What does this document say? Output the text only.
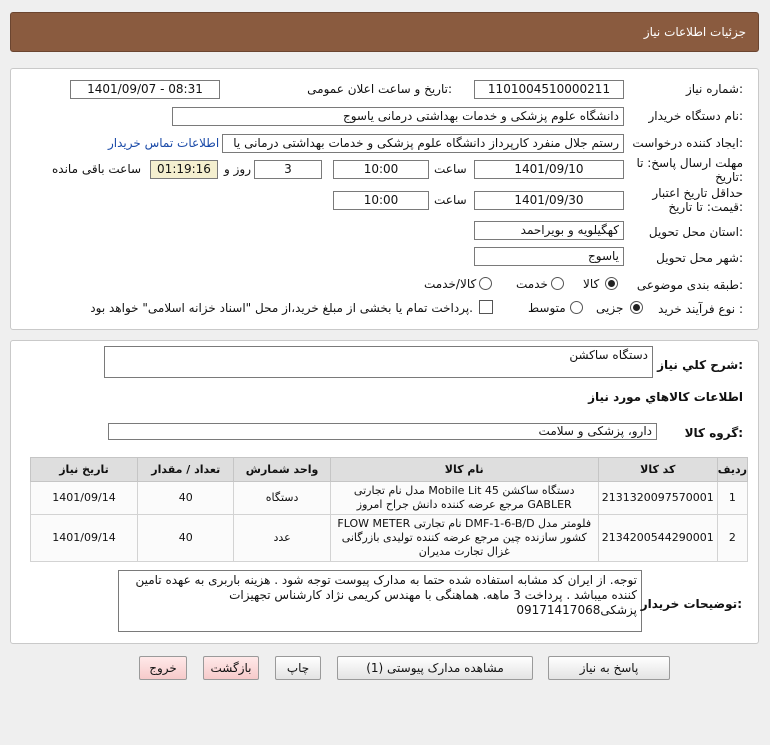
جزئیات اطلاعات نیاز
شماره نیاز:
1101004510000211
تاریخ و ساعت اعلان عمومی:
1401/09/07 - 08:31
نام دستگاه خریدار:
دانشگاه علوم پزشکی و خدمات بهداشتی درمانی یاسوج
ایجاد کننده درخواست:
رستم جلال منفرد کارپرداز دانشگاه علوم پزشکی و خدمات بهداشتی درمانی یا
اطلاعات تماس خریدار
مهلت ارسال پاسخ: تا تاریخ:
1401/09/10
ساعت
10:00
3
روز و
01:19:16
ساعت باقی مانده
حداقل تاریخ اعتبار قیمت: تا تاریخ:
1401/09/30
ساعت
10:00
استان محل تحویل:
کهگیلویه و بویراحمد
شهر محل تحویل:
یاسوج
طبقه بندی موضوعی:
کالا
خدمت
کالا/خدمت
نوع فرآیند خرید :
جزیی
متوسط
پرداخت تمام یا بخشی از مبلغ خرید،از محل "اسناد خزانه اسلامی" خواهد بود.
شرح کلي نياز:
دستگاه ساکشن
اطلاعات کالاهاي مورد نياز
گروه کالا:
دارو، پزشکی و سلامت
رديف	کد کالا	نام کالا	واحد شمارش	تعداد / مقدار	تاریخ نیاز
1	2131320097570001	دستگاه ساکشن Mobile Lit 45 مدل نام تجارتی GABLER مرجع عرضه کننده دانش جراح امروز	دستگاه	40	1401/09/14
2	2134200544290001	فلومتر مدل DMF-1-6-B/D نام تجارتی FLOW METER کشور سازنده چین مرجع عرضه کننده تولیدی بازرگانی غزال تجارت مدیران	عدد	40	1401/09/14
توجه. از ایران کد مشابه استفاده شده حتما به مدارک پیوست توجه شود . هزینه باربری به عهده تامین کننده میباشد . پرداخت 3 ماهه. هماهنگی با مهندس کریمی نژاد کارشناس تجهیزات پزشکی09171417068 توضیحات خریدار:
پاسخ به نیاز
مشاهده مدارک پیوستی (1)
چاپ
بازگشت
خروج
